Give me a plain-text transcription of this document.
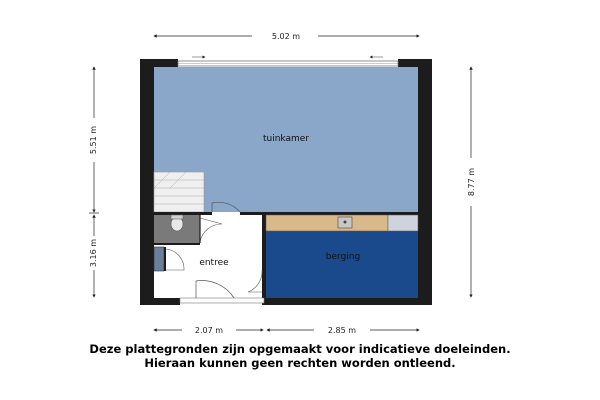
tuinkamer
berging
entree
5.02 m
5.51 m
3.16 m
8.77 m
2.07 m	2.85 m
Deze plattegronden zijn opgemaakt voor indicatieve doeleinden.
Hieraan kunnen geen rechten worden ontleend.
